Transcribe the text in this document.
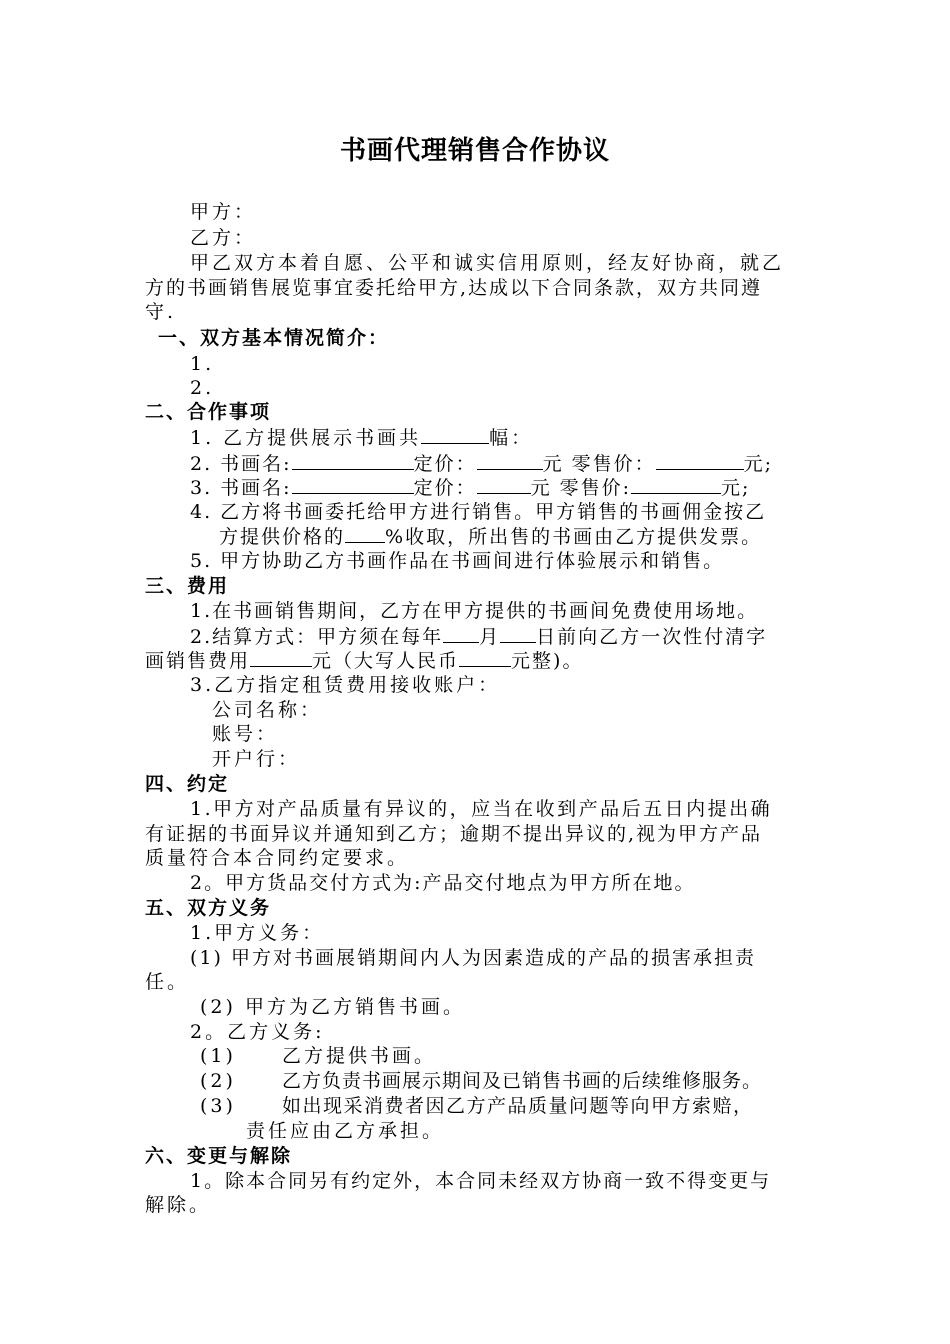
书画代理销售合作协议
甲方：
乙方：
甲乙双方本着自愿、公平和诚实信用原则，经友好协商，就乙
方的书画销售展览事宜委托给甲方,达成以下合同条款，双方共同遵
守.
一、双方基本情况简介：
1.
2.
二、合作事项
1. 乙方提供展示书画共	幅：
2. 书画名:	定价：	元 零售价：	元;
3. 书画名:	定价：	元 零售价:	元;
4. 乙方将书画委托给甲方进行销售。甲方销售的书画佣金按乙
方提供价格的 %收取，所出售的书画由乙方提供发票。
5. 甲方协助乙方书画作品在书画间进行体验展示和销售。
三、费用
1.在书画销售期间，乙方在甲方提供的书画间免费使用场地。
2.结算方式：甲方须在每年 月 日前向乙方一次性付清字
画销售费用	元（大写人民币	元整)。
3.乙方指定租赁费用接收账户：
公司名称：
账号：
开户行：
四、约定
1.甲方对产品质量有异议的，应当在收到产品后五日内提出确
有证据的书面异议并通知到乙方；逾期不提出异议的,视为甲方产品
质量符合本合同约定要求。
2。甲方货品交付方式为:产品交付地点为甲方所在地。
五、双方义务
1.甲方义务：
(1) 甲方对书画展销期间内人为因素造成的产品的损害承担责
任。
(2) 甲方为乙方销售书画。
2。乙方义务:
(1) 乙方提供书画。
(2) 乙方负责书画展示期间及已销售书画的后续维修服务。
(3) 如出现采消费者因乙方产品质量问题等向甲方索赔，
责任应由乙方承担。
六、变更与解除
1。除本合同另有约定外，本合同未经双方协商一致不得变更与
解除。
